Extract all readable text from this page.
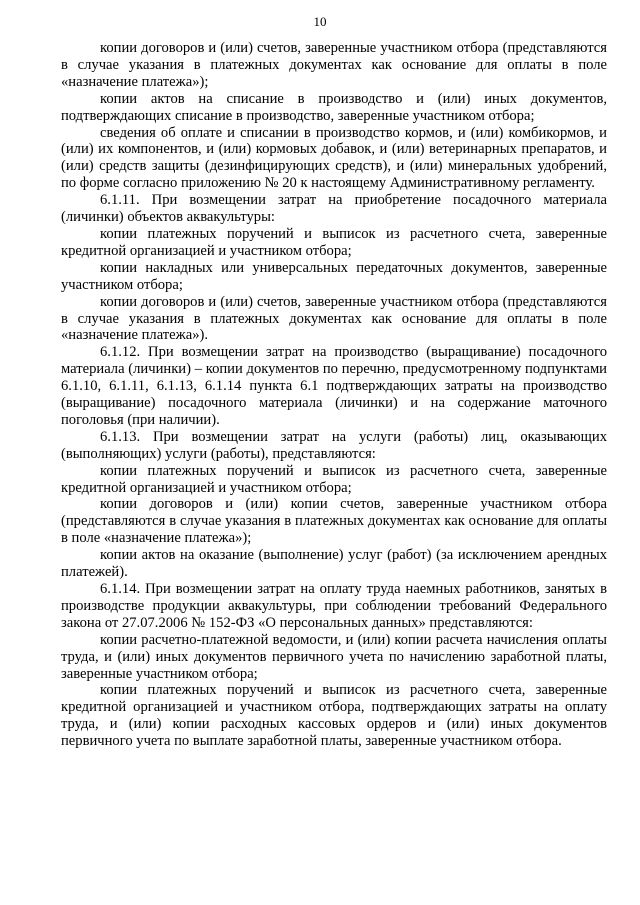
10

копии договоров и (или) счетов, заверенные участником отбора (представляются в случае указания в платежных документах как основание для оплаты в поле «назначение платежа»);

копии актов на списание в производство и (или) иных документов, подтверждающих списание в производство, заверенные участником отбора;

сведения об оплате и списании в производство кормов, и (или) комбикормов, и (или) их компонентов, и (или) кормовых добавок, и (или) ветеринарных препаратов, и (или) средств защиты (дезинфицирующих средств), и (или) минеральных удобрений, по форме согласно приложению № 20 к настоящему Административному регламенту.

6.1.11. При возмещении затрат на приобретение посадочного материала (личинки) объектов аквакультуры:

копии платежных поручений и выписок из расчетного счета, заверенные кредитной организацией и участником отбора;

копии накладных или универсальных передаточных документов, заверенные участником отбора;

копии договоров и (или) счетов, заверенные участником отбора (представляются в случае указания в платежных документах как основание для оплаты в поле «назначение платежа»).

6.1.12. При возмещении затрат на производство (выращивание) посадочного материала (личинки) – копии документов по перечню, предусмотренному подпунктами 6.1.10, 6.1.11, 6.1.13, 6.1.14 пункта 6.1 подтверждающих затраты на производство (выращивание) посадочного материала (личинки) и на содержание маточного поголовья (при наличии).

6.1.13. При возмещении затрат на услуги (работы) лиц, оказывающих (выполняющих) услуги (работы), представляются:

копии платежных поручений и выписок из расчетного счета, заверенные кредитной организацией и участником отбора;

копии договоров и (или) копии счетов, заверенные участником отбора (представляются в случае указания в платежных документах как основание для оплаты в поле «назначение платежа»);

копии актов на оказание (выполнение) услуг (работ) (за исключением арендных платежей).

6.1.14. При возмещении затрат на оплату труда наемных работников, занятых в производстве продукции аквакультуры, при соблюдении требований Федерального закона от 27.07.2006 № 152-ФЗ «О персональных данных» представляются:

копии расчетно-платежной ведомости, и (или) копии расчета начисления оплаты труда, и (или) иных документов первичного учета по начислению заработной платы, заверенные участником отбора;

копии платежных поручений и выписок из расчетного счета, заверенные кредитной организацией и участником отбора, подтверждающих затраты на оплату труда, и (или) копии расходных кассовых ордеров и (или) иных документов первичного учета по выплате заработной платы, заверенные участником отбора.
